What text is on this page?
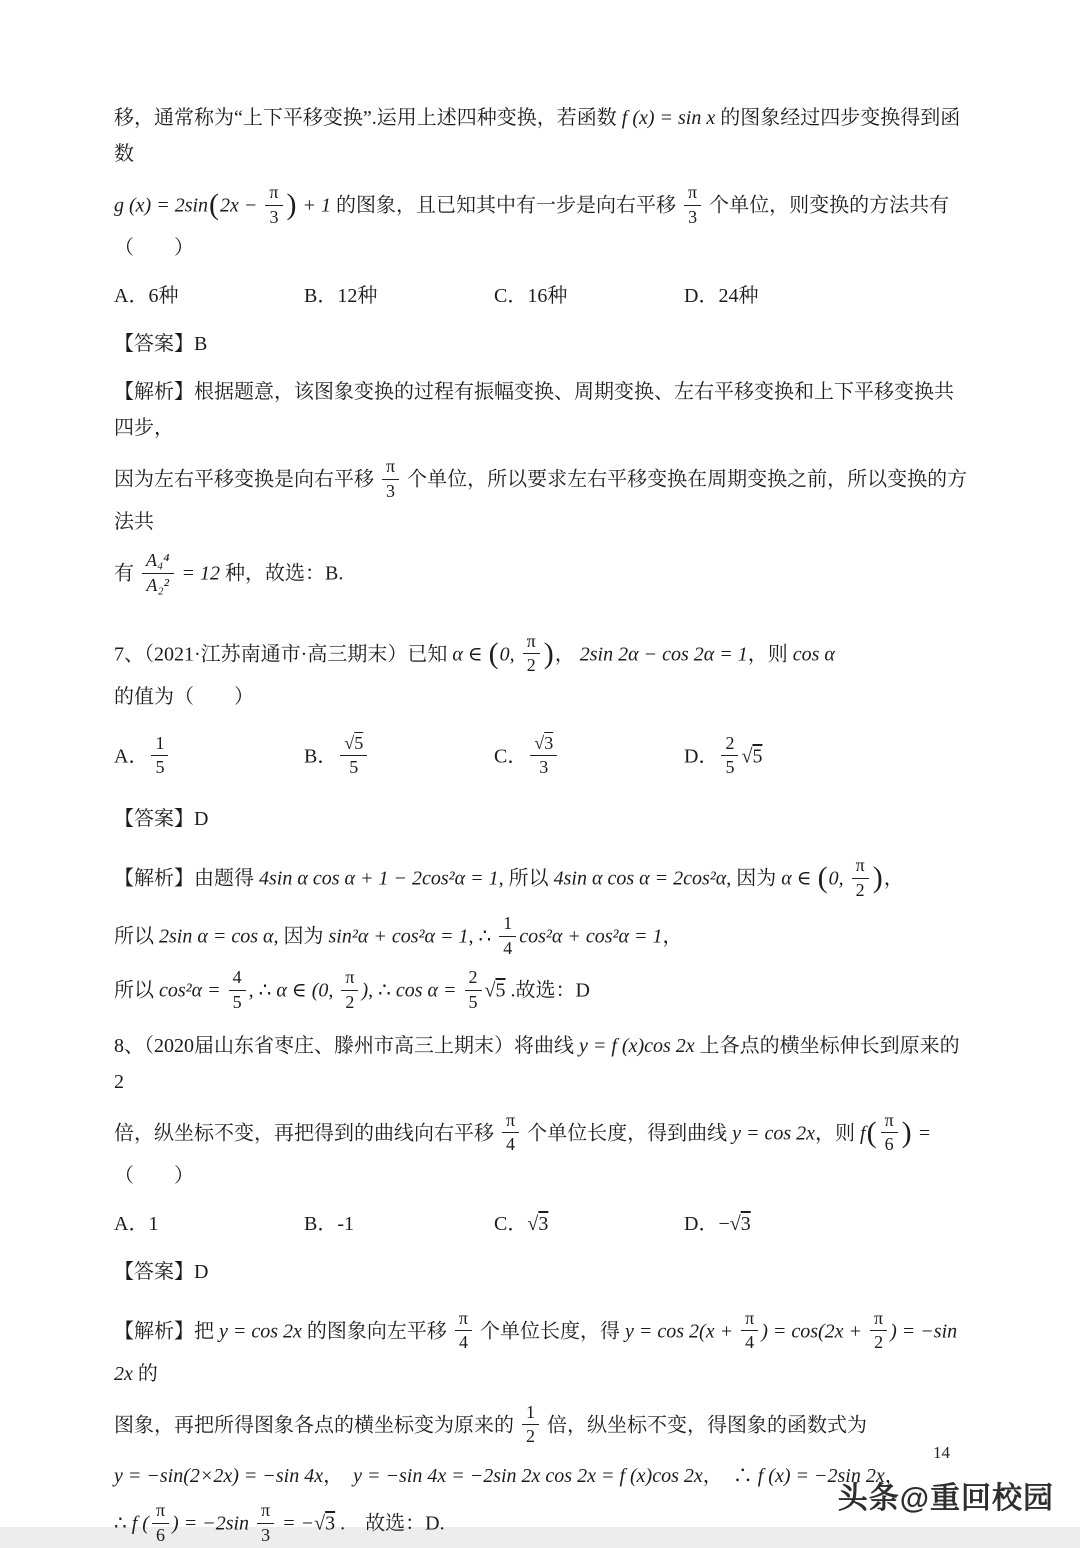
移，通常称为“上下平移变换”.运用上述四种变换，若函数 f (x) = sin x 的图象经过四步变换得到函数

g $(x) = 2\sin(2x - \frac{\pi}{3}$ ) + 1 的图象，且已知其中有一步是向右平移 $\frac{\pi}{3}$ 个单位，则变换的方法共有（　　）

A．6种	B．12种	C．16种	D．24种

【答案】B

【解析】根据题意，该图象变换的过程有振幅变换、周期变换、左右平移变换和上下平移变换共四步，

因为左右平移变换是向右平移 $\frac{\pi}{3}$ 个单位，所以要求左右平移变换在周期变换之前，所以变换的方法共

有 $\frac{\text{A₄⁴}}{\text{A₂²}} = 12$ 种，故选：B.

7、（2021·江苏南通市·高三期末）已知 α ∈ (0, $\frac{\pi}{2}$ )， 2sin 2α − cos 2α = 1，则 cos α 的值为（　　）

A． $\frac{1}{5}$	B． $\frac{√5}{5}$	C． $\frac{√3}{3}$	D． $\frac{2}{5} √5$

【答案】D

【解析】由题得 4sin α cos α + 1 − 2cos²α = 1, 所以 4sin α cos α = 2cos²α, 因为 α ∈ (0, $\frac{\pi}{2}$ )，

所以 2sin α = cos α, 因为 sin²α + cos²α = 1, ∴ $\frac{1}{4} \cos^2\alpha + \cos^2\alpha = 1$，

所以 $\cos^2\alpha = \frac{4}{5}$ , ∴ α ∈ (0, $\frac{\pi}{2}$ ), ∴ $\cos \alpha = \frac{2}{5} √5$ .故选：D

8、（2020届山东省枣庄、滕州市高三上期末）将曲线 y = f (x)cos 2x 上各点的横坐标伸长到原来的 2

倍，纵坐标不变，再把得到的曲线向右平移 $\frac{\pi}{4}$ 个单位长度，得到曲线 y = cos 2x，则 $f( \frac{\pi}{6}$ ) =（　　）

A．1	B．-1	C．√3	D．−√3

【答案】D

【解析】把 y = cos 2x 的图象向左平移 $\frac{\pi}{4}$ 个单位长度，得 $y = \cos 2(x + \frac{\pi}{4}$ ) = $\cos(2x + \frac{\pi}{2}$ ) = −sin 2x 的

图象，再把所得图象各点的横坐标变为原来的 $\frac{1}{2}$ 倍，纵坐标不变，得图象的函数式为

y = −sin(2×2x) = −sin 4x，　y = −sin 4x = −2sin 2x cos 2x = f (x)cos 2x，　∴ f (x) = −2sin 2x，

∴ f ( $\frac{\pi}{6}$ ) = $-2\sin \frac{\pi}{3} = -√3$ .　故选：D.

14
头条@重回校园
